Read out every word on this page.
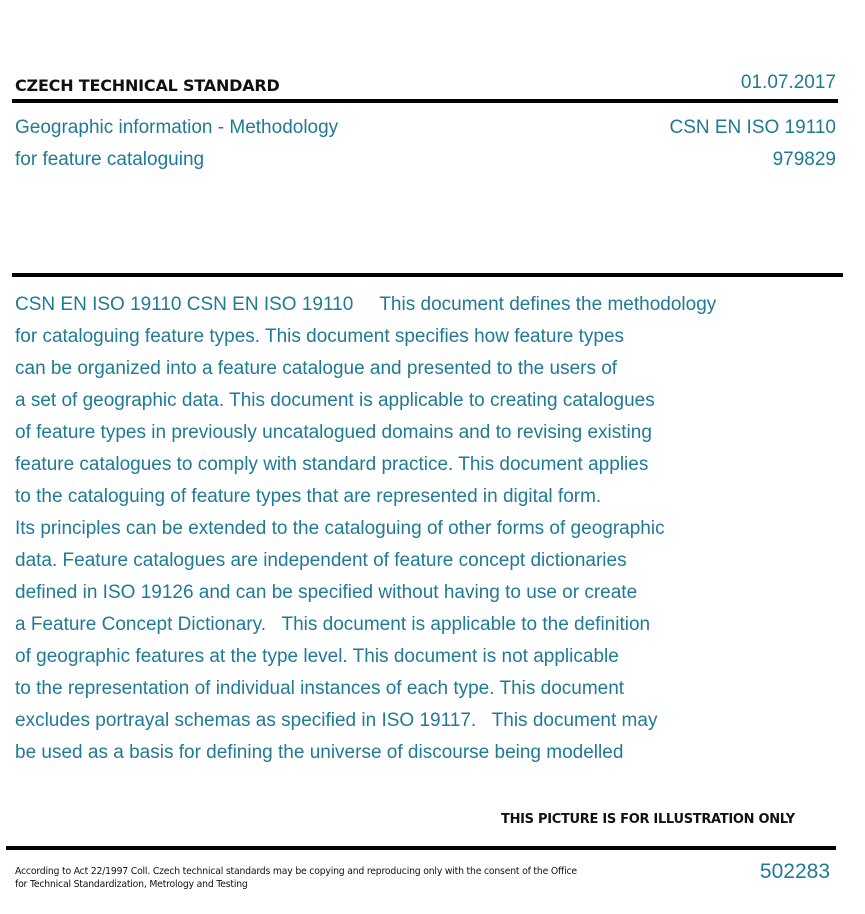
CZECH TECHNICAL STANDARD	01.07.2017
Geographic information - Methodology
for feature cataloguing
CSN EN ISO 19110
979829
CSN EN ISO 19110 CSN EN ISO 19110     This document defines the methodology
for cataloguing feature types. This document specifies how feature types
can be organized into a feature catalogue and presented to the users of
a set of geographic data. This document is applicable to creating catalogues
of feature types in previously uncatalogued domains and to revising existing
feature catalogues to comply with standard practice. This document applies
to the cataloguing of feature types that are represented in digital form.
Its principles can be extended to the cataloguing of other forms of geographic
data. Feature catalogues are independent of feature concept dictionaries
defined in ISO 19126 and can be specified without having to use or create
a Feature Concept Dictionary.   This document is applicable to the definition
of geographic features at the type level. This document is not applicable
to the representation of individual instances of each type. This document
excludes portrayal schemas as specified in ISO 19117.   This document may
be used as a basis for defining the universe of discourse being modelled
THIS PICTURE IS FOR ILLUSTRATION ONLY
According to Act 22/1997 Coll. Czech technical standards may be copying and reproducing only with the consent of the Office
for Technical Standardization, Metrology and Testing
502283
